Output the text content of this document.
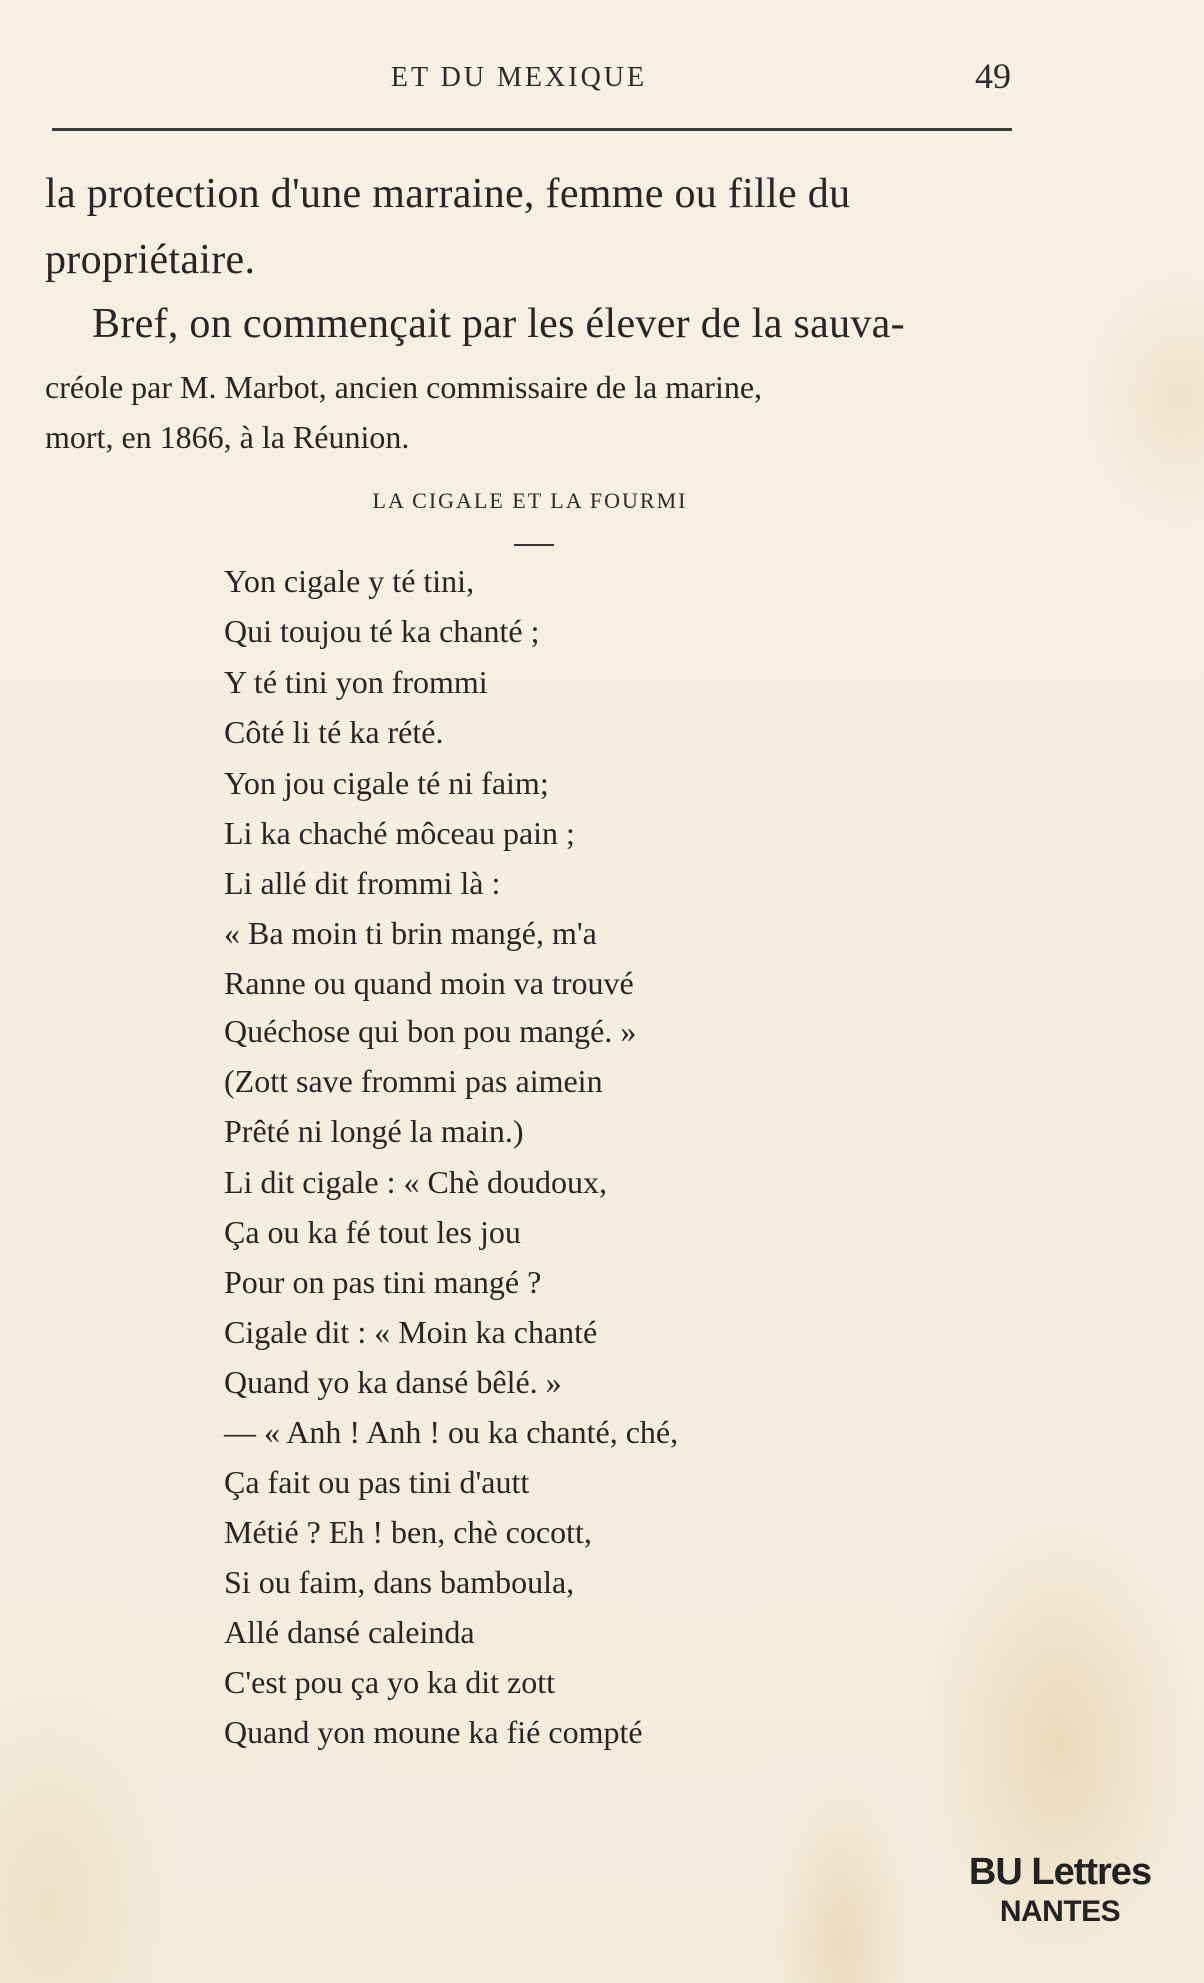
ET DU MEXIQUE	49
la protection d'une marraine, femme ou fille du
propriétaire.
Bref, on commençait par les élever de la sauva-
créole par M. Marbot, ancien commissaire de la marine,
mort, en 1866, à la Réunion.
LA CIGALE ET LA FOURMI
Yon cigale y té tini,
Qui toujou té ka chanté ;
Y té tini yon frommi
Côté li té ka rété.
Yon jou cigale té ni faim;
Li ka chaché môceau pain ;
Li allé dit frommi là :
« Ba moin ti brin mangé, m'a
Ranne ou quand moin va trouvé
Quéchose qui bon pou mangé. »
(Zott save frommi pas aimein
Prêté ni longé la main.)
Li dit cigale : « Chè doudoux,
Ça ou ka fé tout les jou
Pour on pas tini mangé ?
Cigale dit : « Moin ka chanté
Quand yo ka dansé bêlé. »
— « Anh ! Anh ! ou ka chanté, ché,
Ça fait ou pas tini d'autt
Métié ? Eh ! ben, chè cocott,
Si ou faim, dans bamboula,
Allé dansé caleinda
C'est pou ça yo ka dit zott
Quand yon moune ka fié compté
BU Lettres
NANTES
